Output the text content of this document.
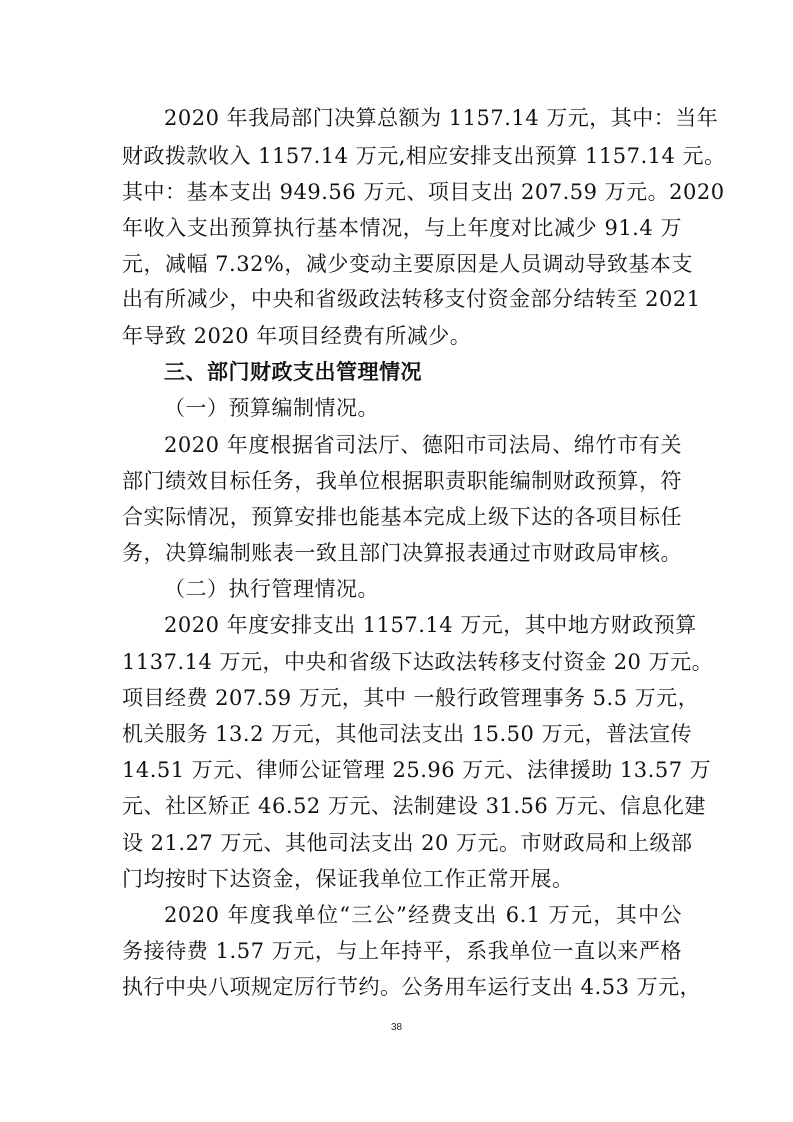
2020 年我局部门决算总额为 1157.14 万元，其中：当年
财政拨款收入 1157.14 万元,相应安排支出预算 1157.14 元。
其中：基本支出 949.56 万元、项目支出 207.59 万元。2020
年收入支出预算执行基本情况，与上年度对比减少 91.4 万
元，减幅 7.32%，减少变动主要原因是人员调动导致基本支
出有所减少，中央和省级政法转移支付资金部分结转至 2021
年导致 2020 年项目经费有所减少。
三、部门财政支出管理情况
（一）预算编制情况。
2020 年度根据省司法厅、德阳市司法局、绵竹市有关
部门绩效目标任务，我单位根据职责职能编制财政预算，符
合实际情况，预算安排也能基本完成上级下达的各项目标任
务，决算编制账表一致且部门决算报表通过市财政局审核。
（二）执行管理情况。
2020 年度安排支出 1157.14 万元，其中地方财政预算
1137.14 万元，中央和省级下达政法转移支付资金 20 万元。
项目经费 207.59 万元，其中 一般行政管理事务 5.5 万元，
机关服务 13.2 万元，其他司法支出 15.50 万元，普法宣传
14.51 万元、律师公证管理 25.96 万元、法律援助 13.57 万
元、社区矫正 46.52 万元、法制建设 31.56 万元、信息化建
设 21.27 万元、其他司法支出 20 万元。市财政局和上级部
门均按时下达资金，保证我单位工作正常开展。
2020 年度我单位“三公”经费支出 6.1 万元，其中公
务接待费 1.57 万元，与上年持平，系我单位一直以来严格
执行中央八项规定厉行节约。公务用车运行支出 4.53 万元，
38
